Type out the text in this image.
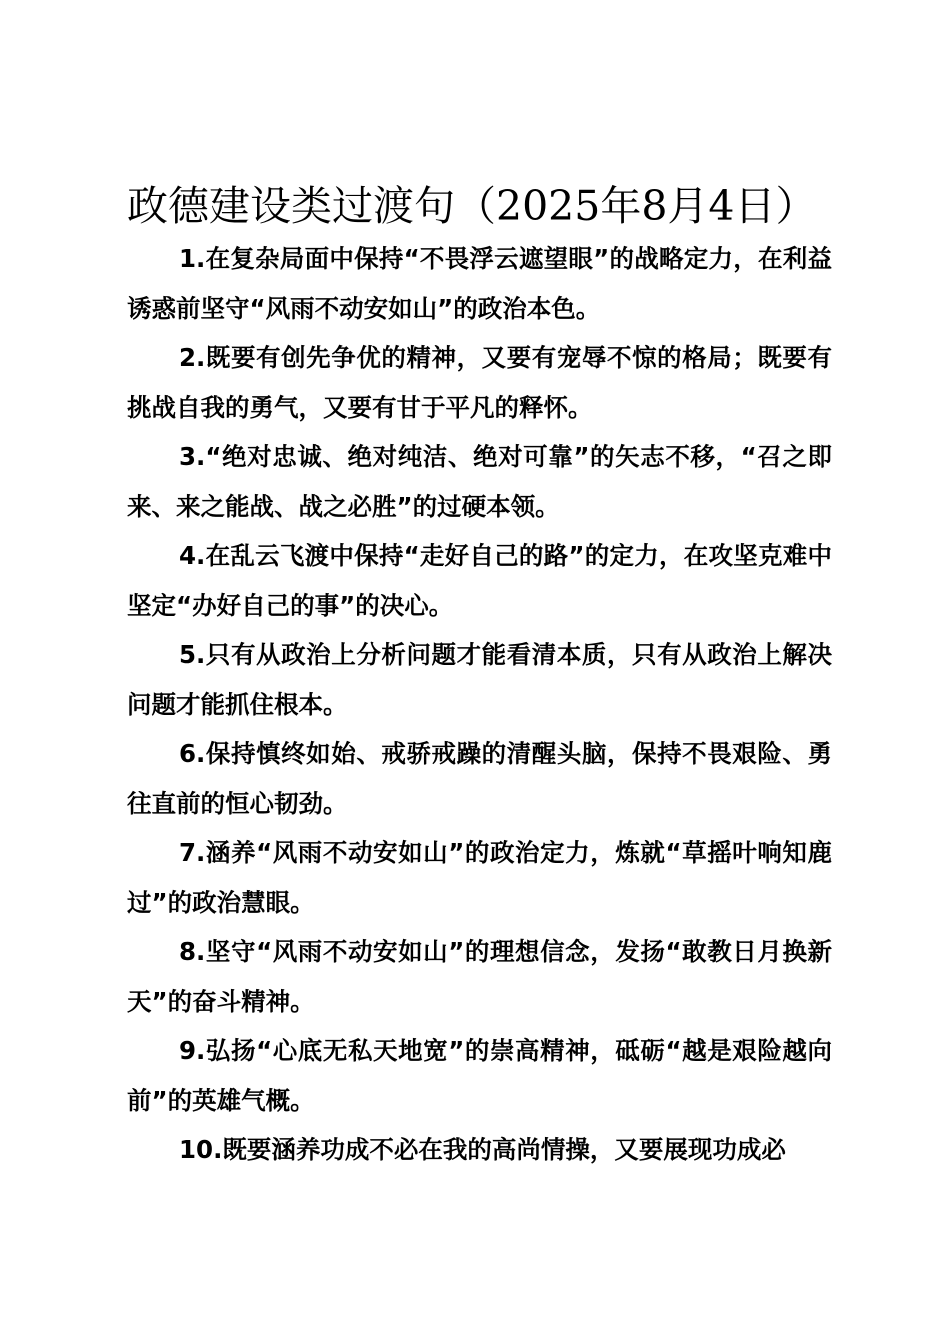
政德建设类过渡句（2025年8月4日）
1.在复杂局面中保持“不畏浮云遮望眼”的战略定力，在利益诱惑前坚守“风雨不动安如山”的政治本色。
2.既要有创先争优的精神，又要有宠辱不惊的格局；既要有挑战自我的勇气，又要有甘于平凡的释怀。
3.“绝对忠诚、绝对纯洁、绝对可靠”的矢志不移，“召之即来、来之能战、战之必胜”的过硬本领。
4.在乱云飞渡中保持“走好自己的路”的定力，在攻坚克难中坚定“办好自己的事”的决心。
5.只有从政治上分析问题才能看清本质，只有从政治上解决问题才能抓住根本。
6.保持慎终如始、戒骄戒躁的清醒头脑，保持不畏艰险、勇往直前的恒心韧劲。
7.涵养“风雨不动安如山”的政治定力，炼就“草摇叶响知鹿过”的政治慧眼。
8.坚守“风雨不动安如山”的理想信念，发扬“敢教日月换新天”的奋斗精神。
9.弘扬“心底无私天地宽”的崇高精神，砥砺“越是艰险越向前”的英雄气概。
10.既要涵养功成不必在我的高尚情操，又要展现功成必
